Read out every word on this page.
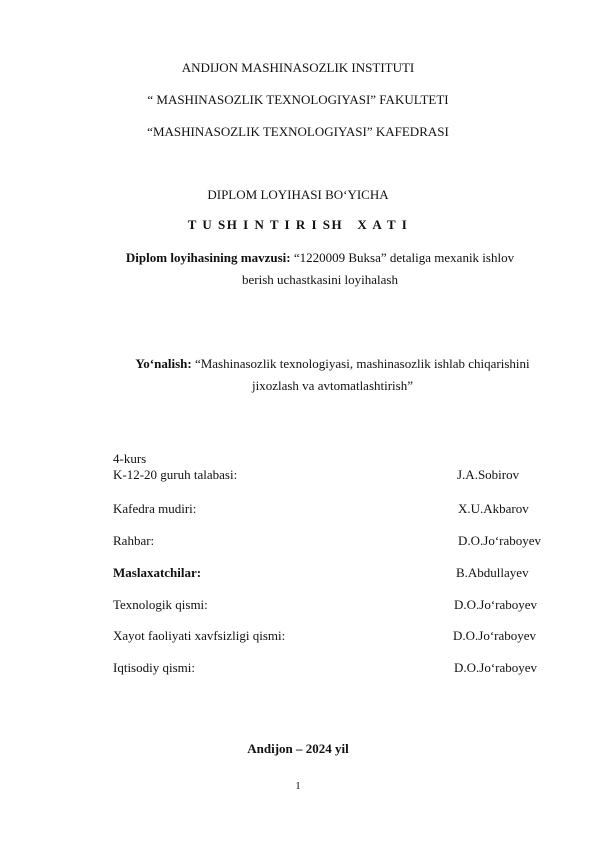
ANDIJON MASHINASOZLIK INSTITUTI
“ MASHINASOZLIK TEXNOLOGIYASI” FAKULTETI
“MASHINASOZLIK TEXNOLOGIYASI” KAFEDRASI
DIPLOM LOYIHASI BOʻYICHA
T U SH I N T I R I SH   X A T I
Diplom loyihasining mavzusi: “1220009 Buksa” detaliga mexanik ishlov
berish uchastkasini loyihalash
Yoʻnalish: “Mashinasozlik texnologiyasi, mashinasozlik ishlab chiqarishini
jixozlash va avtomatlashtirish”
4-kurs
K-12-20 guruh talabasi:	J.A.Sobirov
Kafedra mudiri:	X.U.Akbarov
Rahbar:	D.O.Joʻraboyev
Maslaxatchilar:	B.Abdullayev
Texnologik qismi:	D.O.Joʻraboyev
Xayot faoliyati xavfsizligi qismi:	D.O.Joʻraboyev
Iqtisodiy qismi:	D.O.Joʻraboyev
Andijon – 2024 yil
1
